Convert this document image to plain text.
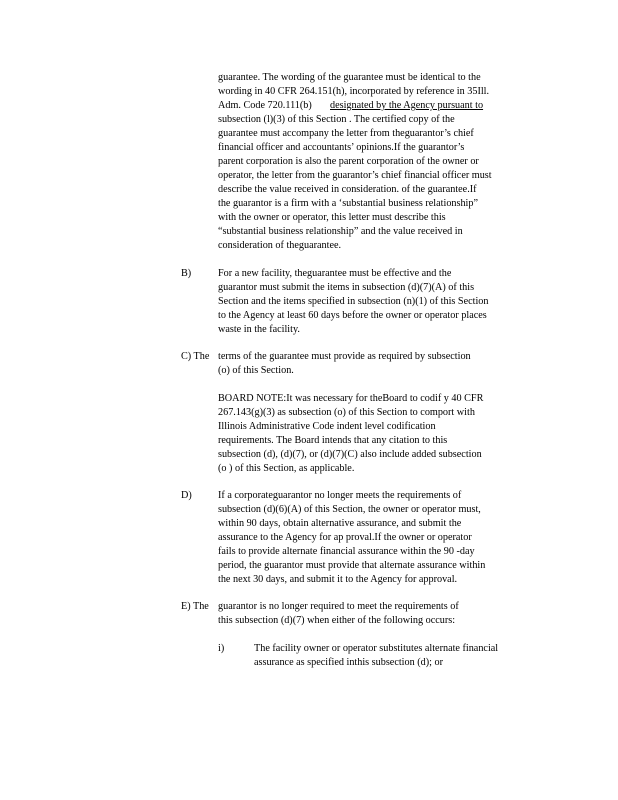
guarantee. The wording of the guarantee must be identical to the

wording in 40 CFR 264.151(h), incorporated by reference in 35Ill.

Adm. Code 720.111(b) designated by the Agency pursuant to

subsection (l)(3) of this Section . The certified copy of the

guarantee must accompany the letter from theguarantor’s chief

financial officer and accountants’ opinions.If the guarantor’s

parent corporation is also the parent corporation of the owner or

operator, the letter from the guarantor’s chief financial officer must

describe the value received in consideration. of the guarantee.If

the guarantor is a firm with a ‘substantial business relationship”

with the owner or operator, this letter must describe this

“substantial business relationship” and the value received in

consideration of theguarantee.

B)	For a new facility, theguarantee must be effective and the

guarantor must submit the items in subsection (d)(7)(A) of this

Section and the items specified in subsection (n)(1) of this Section

to the Agency at least 60 days before the owner or operator places

waste in the facility.

C) The terms of the guarantee must provide as required by subsection

(o) of this Section.

BOARD NOTE:It was necessary for theBoard to codif y 40 CFR

267.143(g)(3) as subsection (o) of this Section to comport with

Illinois Administrative Code indent level codification

requirements. The Board intends that any citation to this

subsection (d), (d)(7), or (d)(7)(C) also include added subsection

(o ) of this Section, as applicable.

D)	If a corporateguarantor no longer meets the requirements of

subsection (d)(6)(A) of this Section, the owner or operator must,

within 90 days, obtain alternative assurance, and submit the

assurance to the Agency for ap proval.If the owner or operator

fails to provide alternate financial assurance within the 90 -day

period, the guarantor must provide that alternate assurance within

the next 30 days, and submit it to the Agency for approval.

E) The guarantor is no longer required to meet the requirements of

this subsection (d)(7) when either of the following occurs:

i)	The facility owner or operator substitutes alternate financial

assurance as specified inthis subsection (d); or
